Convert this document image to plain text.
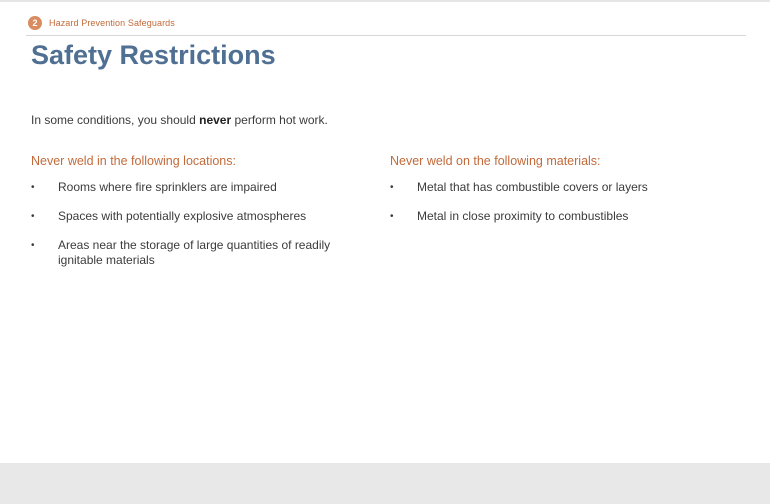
2	Hazard Prevention Safeguards
Safety Restrictions
In some conditions, you should never perform hot work.
Never weld in the following locations:
• Rooms where fire sprinklers are impaired
• Spaces with potentially explosive atmospheres
• Areas near the storage of large quantities of readily ignitable materials
Never weld on the following materials:
• Metal that has combustible covers or layers
• Metal in close proximity to combustibles
